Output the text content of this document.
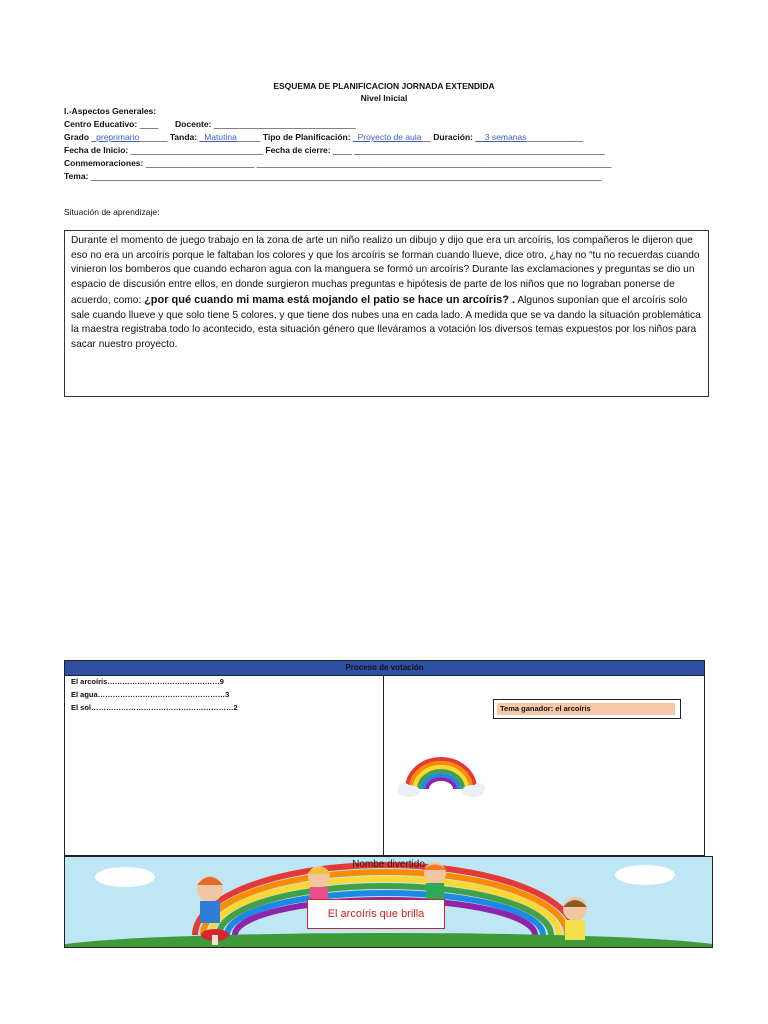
ESQUEMA DE PLANIFICACION JORNADA EXTENDIDA
Nivel Inicial
I.-Aspectos Generales:
Centro Educativo: ____ Docente: ______________________________
Grado _preprimario______ Tanda: _Matutina_____ Tipo de Planificación: _Proyecto de aula__ Duración: __3 semanas____________
Fecha de Inicio: ____________________________ Fecha de cierre: ____ _____________________________________________________
Conmemoraciones: _______________________ ___________________________________________________________________________
Tema: ____________________________________________________________________________________________________________
Situación de aprendizaje:
Durante el momento de juego trabajo en la zona de arte un niño realizo un dibujo y dijo que era un arcoíris, los compañeros le dijeron que eso no era un arcoíris porque le faltaban los colores y que los arcoíris se forman cuando llueve, dice otro, ¿hay no “tu no recuerdas cuando vinieron los bomberos que cuando echaron agua con la manguera se formó un arcoíris? Durante las exclamaciones y preguntas se dio un espacio de discusión entre ellos, en donde surgieron muchas preguntas e hipótesis de parte de los niños que no lograban ponerse de acuerdo, como: ¿por qué cuando mi mama está mojando el patio se hace un arcoíris? . Algunos suponían que el arcoíris solo sale cuando llueve y que solo tiene 5 colores, y que tiene dos nubes una en cada lado. A medida que se va dando la situación problemática la maestra registraba todo lo acontecido, esta situación género que lleváramos a votación los diversos temas expuestos por los niños para sacar nuestro proyecto.
Proceso de votación
El arcoíris………………………………………9
El agua……………………………………………3
El sol…………………………………………………2	Tema ganador: el arcoíris
Nombe divertido
El arcoíris que brilla
